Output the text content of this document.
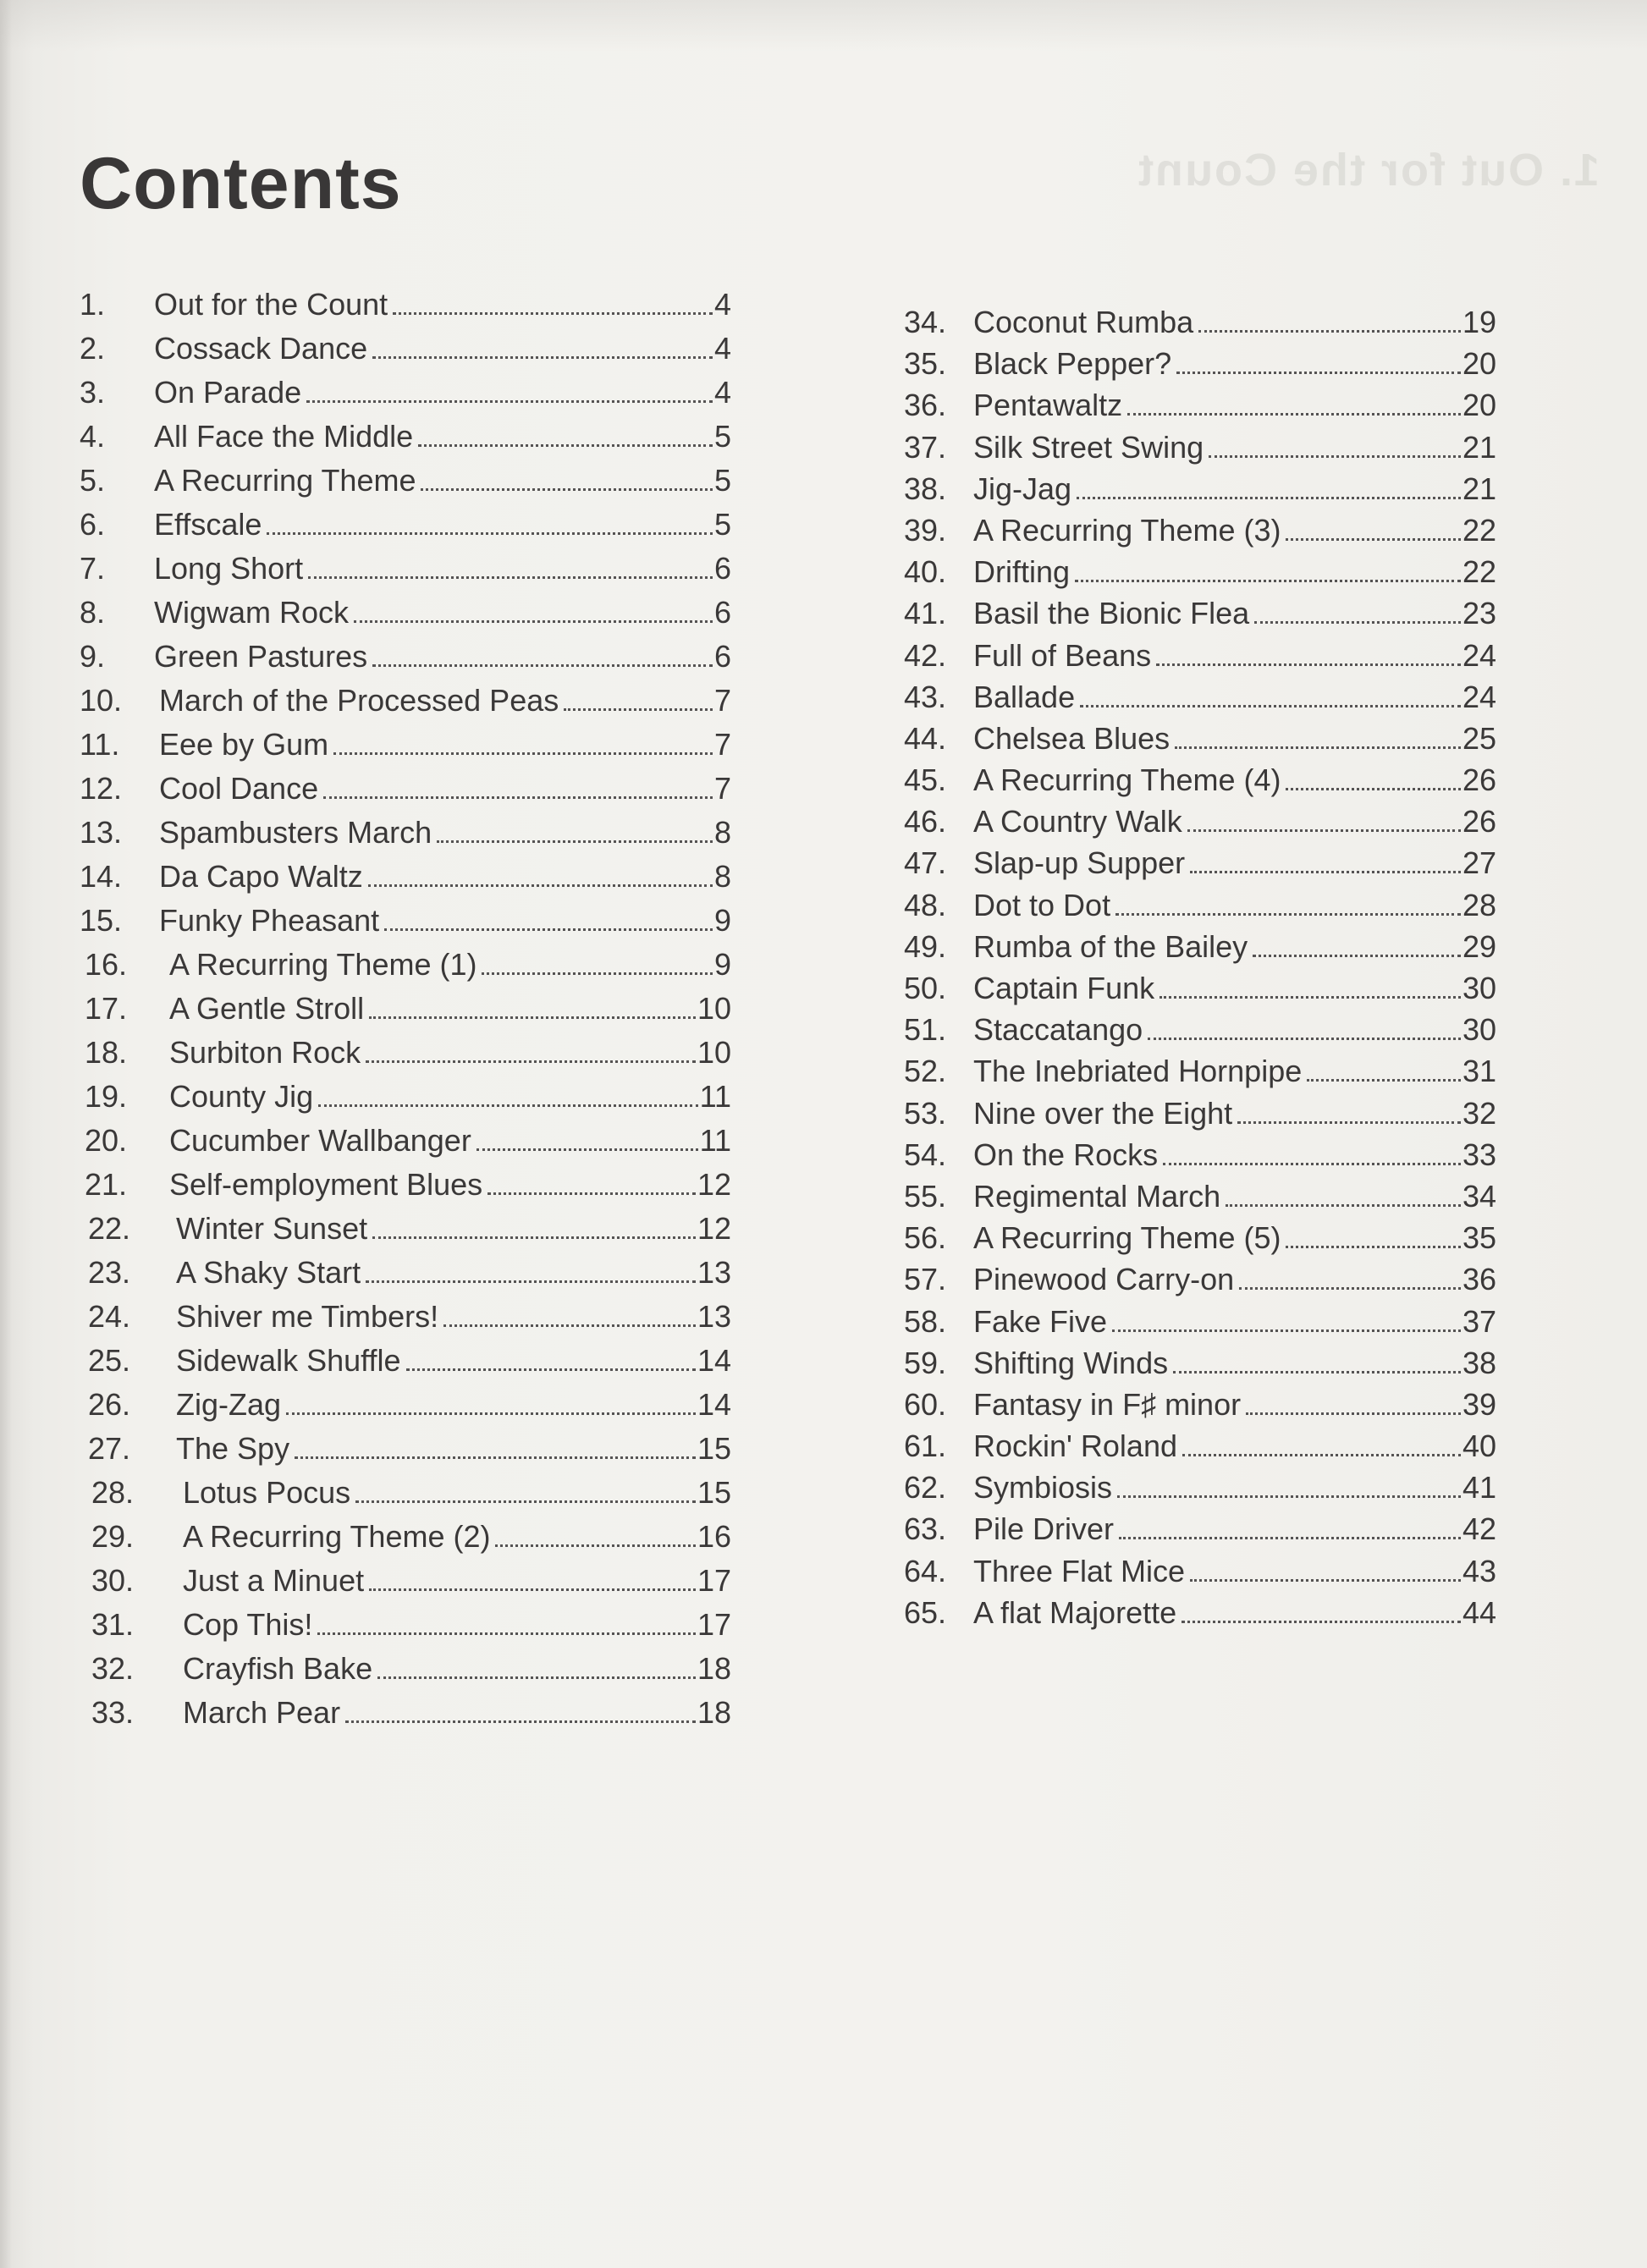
1. Out for the Count
Contents
1.	Out for the Count	4
2.	Cossack Dance	4
3.	On Parade	4
4.	All Face the Middle	5
5.	A Recurring Theme	5
6.	Effscale	5
7.	Long Short	6
8.	Wigwam Rock	6
9.	Green Pastures	6
10.	March of the Processed Peas	7
11.	Eee by Gum	7
12.	Cool Dance	7
13.	Spambusters March	8
14.	Da Capo Waltz	8
15.	Funky Pheasant	9
16.	A Recurring Theme (1)	9
17.	A Gentle Stroll	10
18.	Surbiton Rock	10
19.	County Jig	11
20.	Cucumber Wallbanger	11
21.	Self-employment Blues	12
22.	Winter Sunset	12
23.	A Shaky Start	13
24.	Shiver me Timbers!	13
25.	Sidewalk Shuffle	14
26.	Zig-Zag	14
27.	The Spy	15
28.	Lotus Pocus	15
29.	A Recurring Theme (2)	16
30.	Just a Minuet	17
31.	Cop This!	17
32.	Crayfish Bake	18
33.	March Pear	18
34. Coconut Rumba	19
35. Black Pepper?	20
36. Pentawaltz	20
37. Silk Street Swing	21
38. Jig-Jag	21
39. A Recurring Theme (3)	22
40. Drifting	22
41. Basil the Bionic Flea	23
42. Full of Beans	24
43. Ballade	24
44. Chelsea Blues	25
45. A Recurring Theme (4)	26
46. A Country Walk	26
47. Slap-up Supper	27
48. Dot to Dot	28
49. Rumba of the Bailey	29
50. Captain Funk	30
51. Staccatango	30
52. The Inebriated Hornpipe	31
53. Nine over the Eight	32
54. On the Rocks	33
55. Regimental March	34
56. A Recurring Theme (5)	35
57. Pinewood Carry-on	36
58. Fake Five	37
59. Shifting Winds	38
60. Fantasy in F♯ minor	39
61. Rockin' Roland	40
62. Symbiosis	41
63. Pile Driver	42
64. Three Flat Mice	43
65. A flat Majorette	44
